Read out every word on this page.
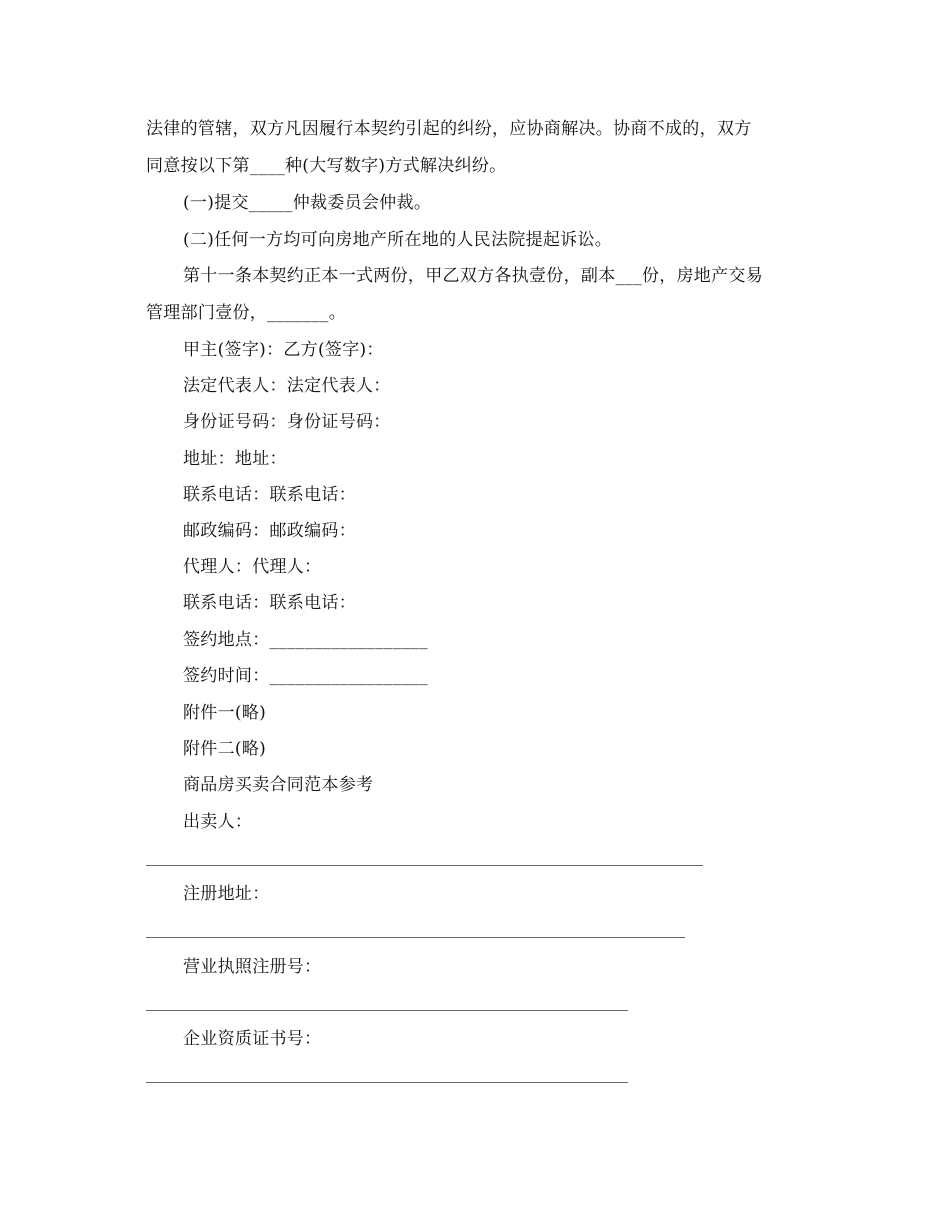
法律的管辖，双方凡因履行本契约引起的纠纷，应协商解决。协商不成的，双方
同意按以下第____种(大写数字)方式解决纠纷。
(一)提交_____仲裁委员会仲裁。
(二)任何一方均可向房地产所在地的人民法院提起诉讼。
第十一条本契约正本一式两份，甲乙双方各执壹份，副本___份，房地产交易
管理部门壹份，_______。
甲主(签字)：乙方(签字)：
法定代表人：法定代表人：
身份证号码：身份证号码：
地址：地址：
联系电话：联系电话：
邮政编码：邮政编码：
代理人：代理人：
联系电话：联系电话：
签约地点：__________________
签约时间：__________________
附件一(略)
附件二(略)
商品房买卖合同范本参考
出卖人：
注册地址：
营业执照注册号：
企业资质证书号：
